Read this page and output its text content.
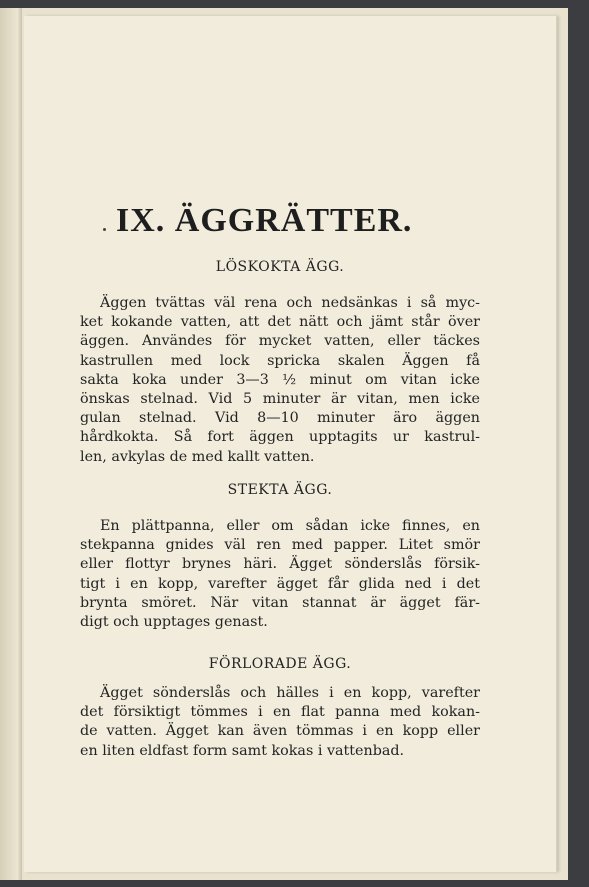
IX. ÄGGRÄTTER.
LÖSKOKTA ÄGG.
Äggen tvättas väl rena och nedsänkas i så myc-
ket kokande vatten, att det nätt och jämt står över
äggen. Användes för mycket vatten, eller täckes
kastrullen med lock spricka skalen Äggen få
sakta koka under 3—3 ½ minut om vitan icke
önskas stelnad. Vid 5 minuter är vitan, men icke
gulan stelnad. Vid 8—10 minuter äro äggen
hårdkokta. Så fort äggen upptagits ur kastrul-
len, avkylas de med kallt vatten.
STEKTA ÄGG.
En plättpanna, eller om sådan icke finnes, en
stekpanna gnides väl ren med papper. Litet smör
eller flottyr brynes häri. Ägget sönderslås försik-
tigt i en kopp, varefter ägget får glida ned i det
brynta smöret. När vitan stannat är ägget fär-
digt och upptages genast.
FÖRLORADE ÄGG.
Ägget sönderslås och hälles i en kopp, varefter
det försiktigt tömmes i en flat panna med kokan-
de vatten. Ägget kan även tömmas i en kopp eller
en liten eldfast form samt kokas i vattenbad.
